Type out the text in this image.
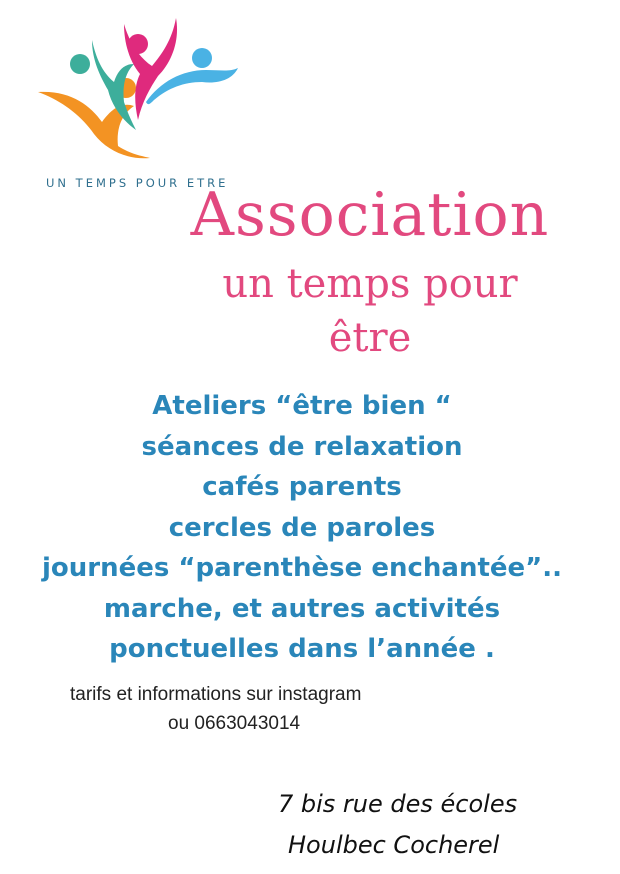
UN TEMPS POUR ETRE
Association
un temps pour
être
Ateliers “être bien “
séances de relaxation
cafés parents
cercles de paroles
journées “parenthèse enchantée”..
marche, et autres activités
ponctuelles dans l’année .
tarifs et informations sur instagram
ou 0663043014
7 bis rue des écoles
Houlbec Cocherel
